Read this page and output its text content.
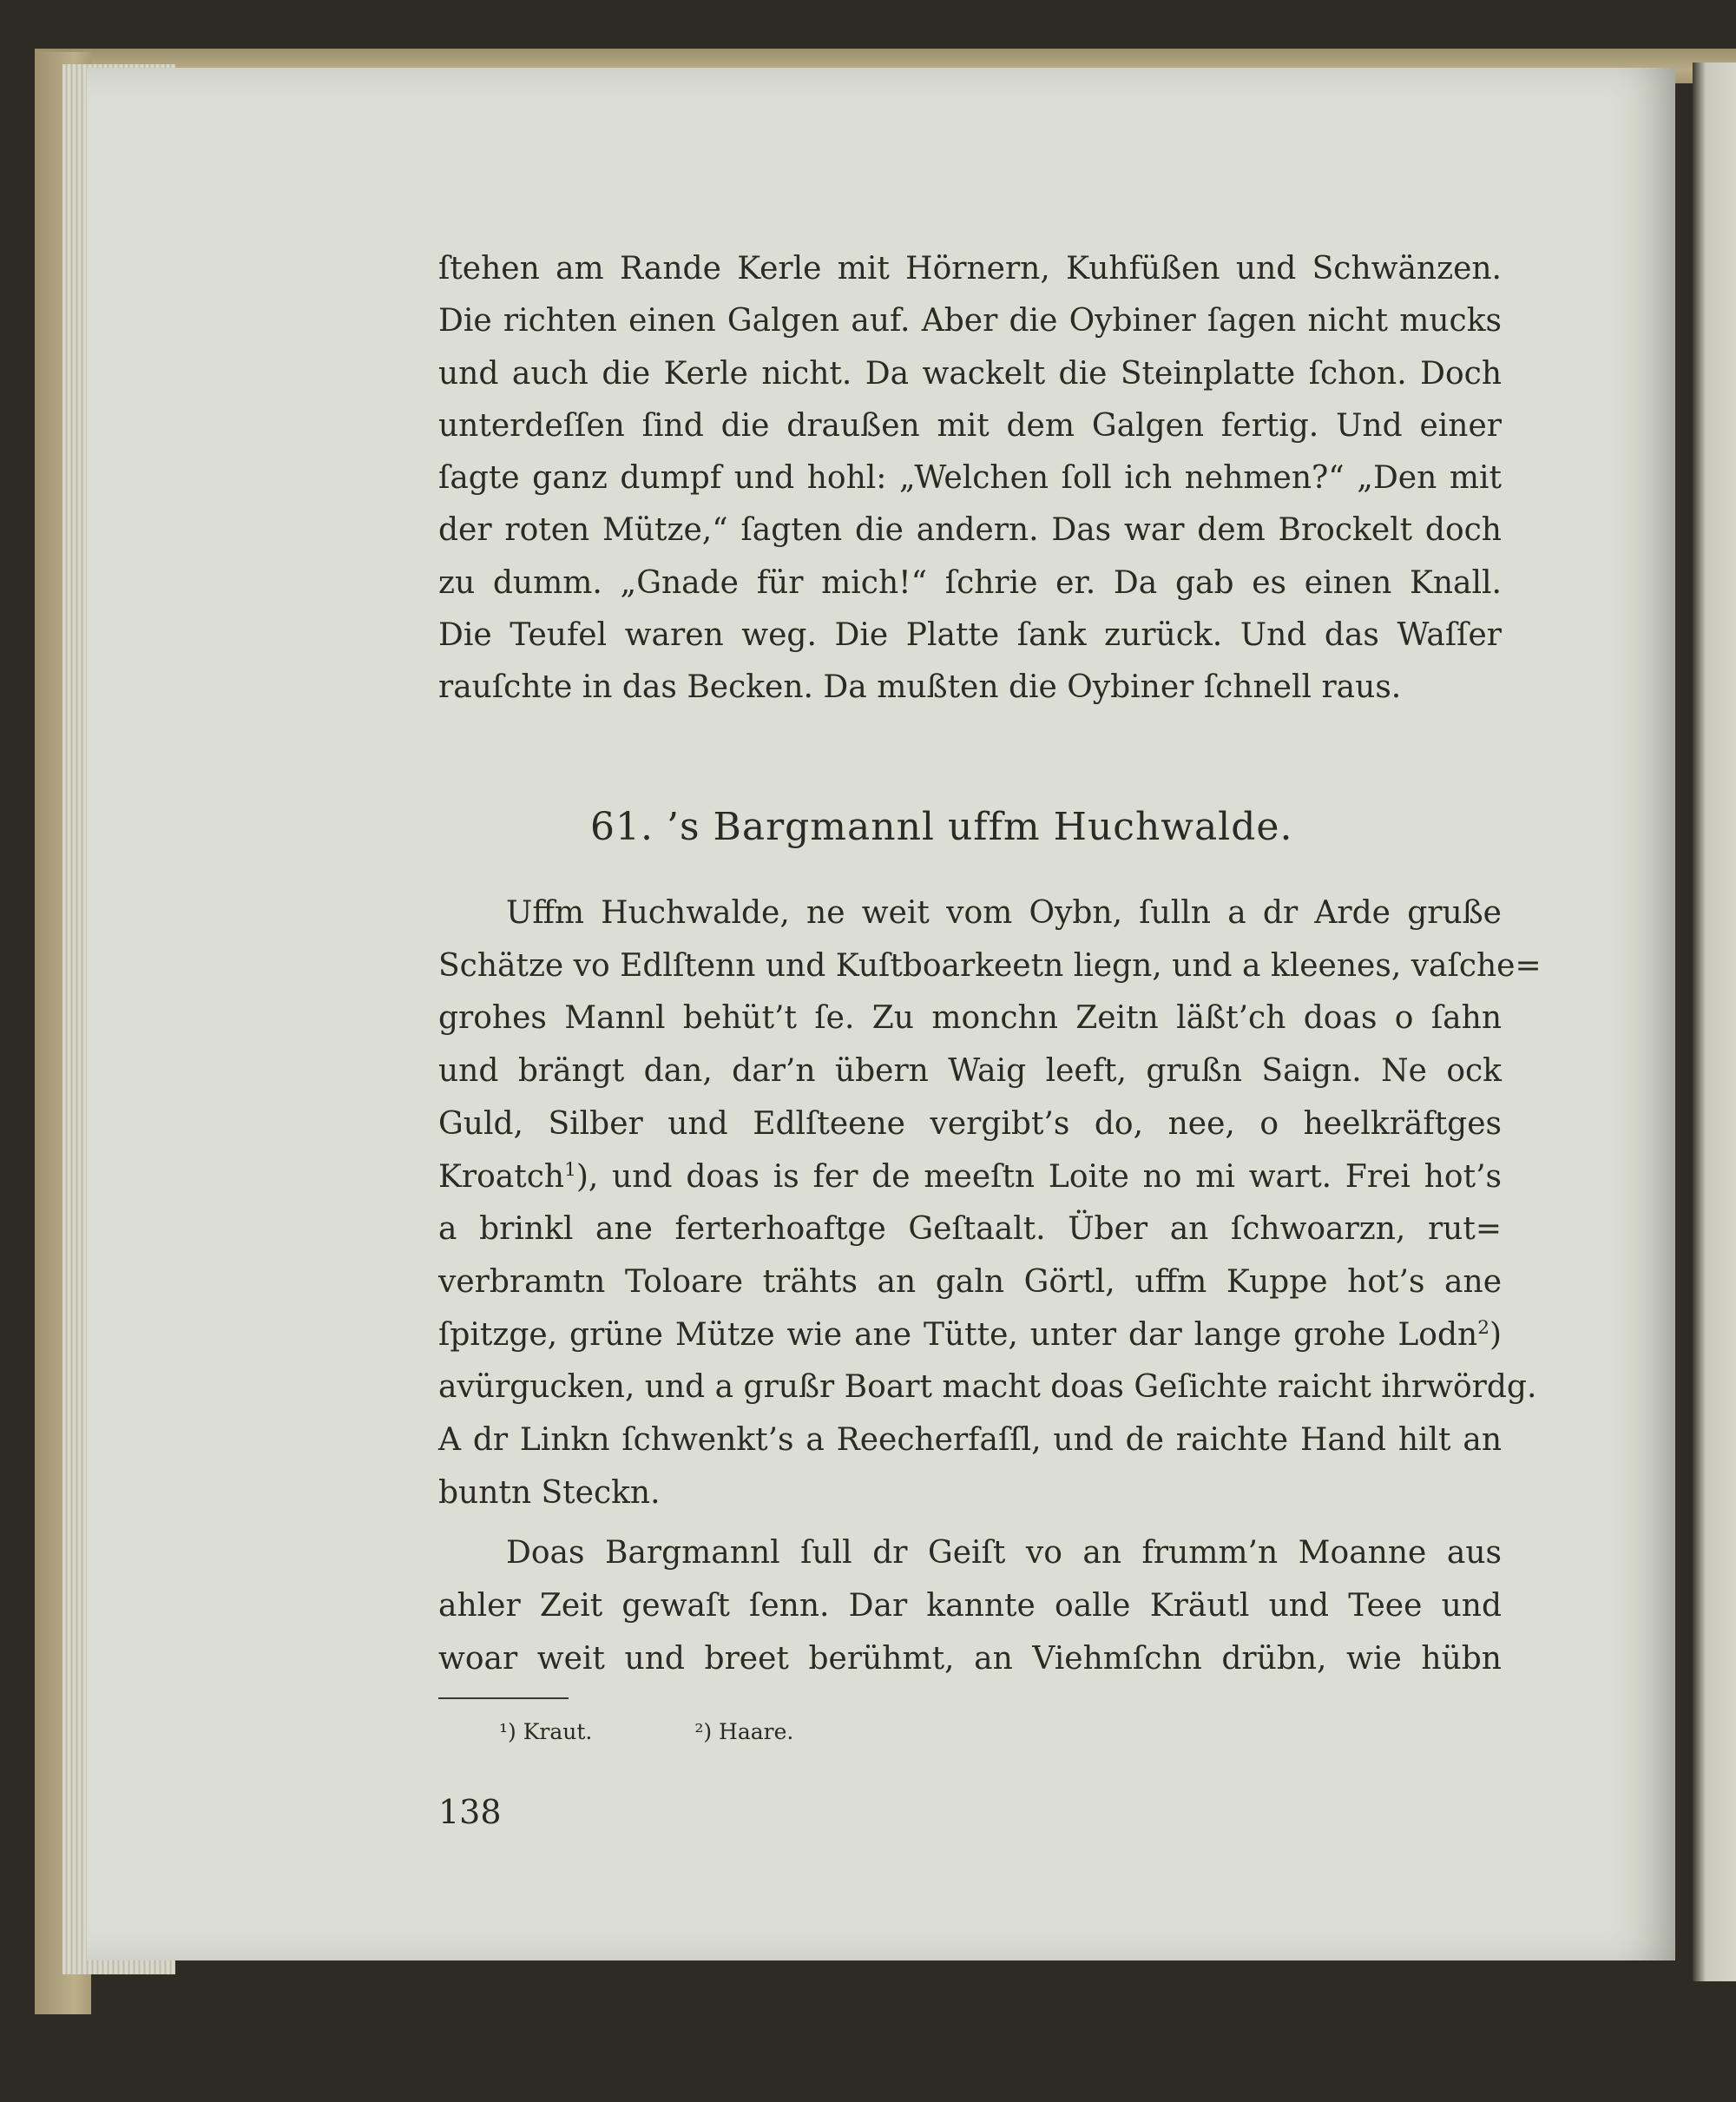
ſtehen am Rande Kerle mit Hörnern, Kuhfüßen und Schwänzen.
Die richten einen Galgen auf. Aber die Oybiner ſagen nicht mucks
und auch die Kerle nicht. Da wackelt die Steinplatte ſchon. Doch
unterdeſſen ſind die draußen mit dem Galgen fertig. Und einer
ſagte ganz dumpf und hohl: „Welchen ſoll ich nehmen?“ „Den mit
der roten Mütze,“ ſagten die andern. Das war dem Brockelt doch
zu dumm. „Gnade für mich!“ ſchrie er. Da gab es einen Knall.
Die Teufel waren weg. Die Platte ſank zurück. Und das Waſſer
rauſchte in das Becken. Da mußten die Oybiner ſchnell raus.
61. ’s Bargmannl uffm Huchwalde.
Uffm Huchwalde, ne weit vom Oybn, ſulln a dr Arde gruße
Schätze vo Edlſtenn und Kuſtboarkeetn liegn, und a kleenes, vaſche=
grohes Mannl behüt’t ſe. Zu monchn Zeitn läßt’ch doas o ſahn
und brängt dan, dar’n übern Waig leeft, grußn Saign. Ne ock
Guld, Silber und Edlſteene vergibt’s do, nee, o heelkräftges
Kroatch$^1$), und doas is fer de meeſtn Loite no mi wart. Frei hot’s
a brinkl ane ferterhoaftge Geſtaalt. Über an ſchwoarzn, rut=
verbramtn Toloare trähts an galn Görtl, uffm Kuppe hot’s ane
ſpitzge, grüne Mütze wie ane Tütte, unter dar lange grohe Lodn$^2$)
avürgucken, und a grußr Boart macht doas Geſichte raicht ihrwördg.
A dr Linkn ſchwenkt’s a Reecherfaſſl, und de raichte Hand hilt an
buntn Steckn.
Doas Bargmannl ſull dr Geiſt vo an frumm’n Moanne aus
ahler Zeit gewaſt ſenn. Dar kannte oalle Kräutl und Teee und
woar weit und breet berühmt, an Viehmſchn drübn, wie hübn
¹) Kraut.	²) Haare.
138
